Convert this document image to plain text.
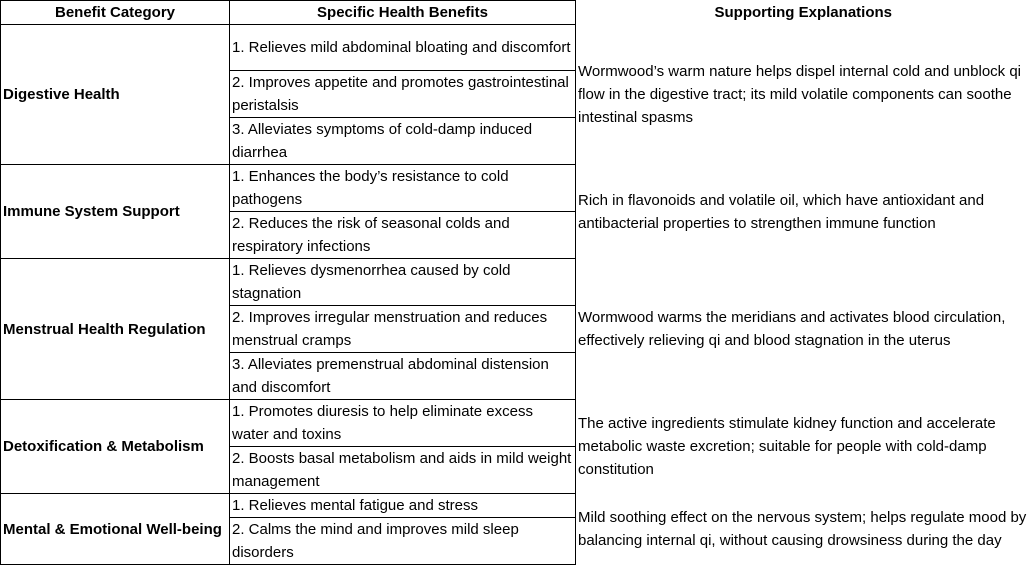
Benefit Category	Specific Health Benefits	Supporting Explanations
Digestive Health	1. Relieves mild abdominal bloating and discomfort	Wormwood’s warm nature helps dispel internal cold and unblock qi flow in the digestive tract; its mild volatile components can soothe intestinal spasms
	2. Improves appetite and promotes gastrointestinal peristalsis	
	3. Alleviates symptoms of cold-damp induced diarrhea	
Immune System Support	1. Enhances the body’s resistance to cold pathogens	Rich in flavonoids and volatile oil, which have antioxidant and antibacterial properties to strengthen immune function
	2. Reduces the risk of seasonal colds and respiratory infections	
Menstrual Health Regulation	1. Relieves dysmenorrhea caused by cold stagnation	Wormwood warms the meridians and activates blood circulation, effectively relieving qi and blood stagnation in the uterus
	2. Improves irregular menstruation and reduces menstrual cramps	
	3. Alleviates premenstrual abdominal distension and discomfort	
Detoxification & Metabolism	1. Promotes diuresis to help eliminate excess water and toxins	The active ingredients stimulate kidney function and accelerate metabolic waste excretion; suitable for people with cold-damp constitution
	2. Boosts basal metabolism and aids in mild weight management	
Mental & Emotional Well-being	1. Relieves mental fatigue and stress	Mild soothing effect on the nervous system; helps regulate mood by balancing internal qi, without causing drowsiness during the day
	2. Calms the mind and improves mild sleep disorders	
